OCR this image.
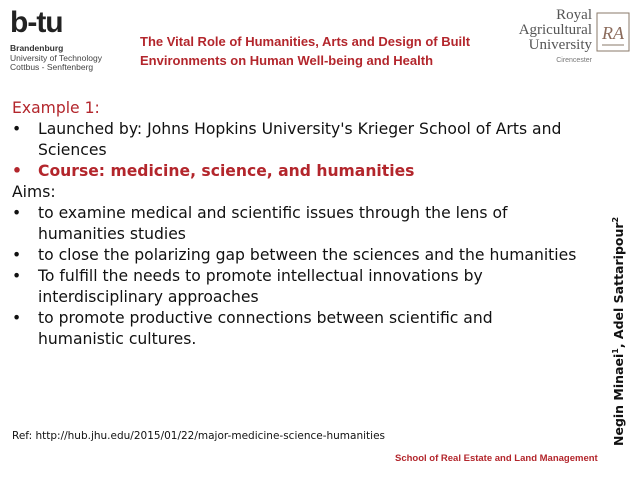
b-tu
Brandenburg
University of Technology
Cottbus - Senftenberg
The Vital Role of Humanities, Arts and Design of Built Environments on Human Well-being and Health
Royal
Agricultural
University
Cirencester
RA
Example 1:
• Launched by: Johns Hopkins University's Krieger School of Arts and Sciences
• Course: medicine, science, and humanities
Aims:
• to examine medical and scientific issues through the lens of humanities studies
• to close the polarizing gap between the sciences and the humanities
• To fulfill the needs to promote intellectual innovations by interdisciplinary approaches
• to promote productive connections between scientific and humanistic cultures.
Ref: http://hub.jhu.edu/2015/01/22/major-medicine-science-humanities	Negin Minaei$^1$, Adel Sattaripour$^2$
School of Real Estate and Land Management
